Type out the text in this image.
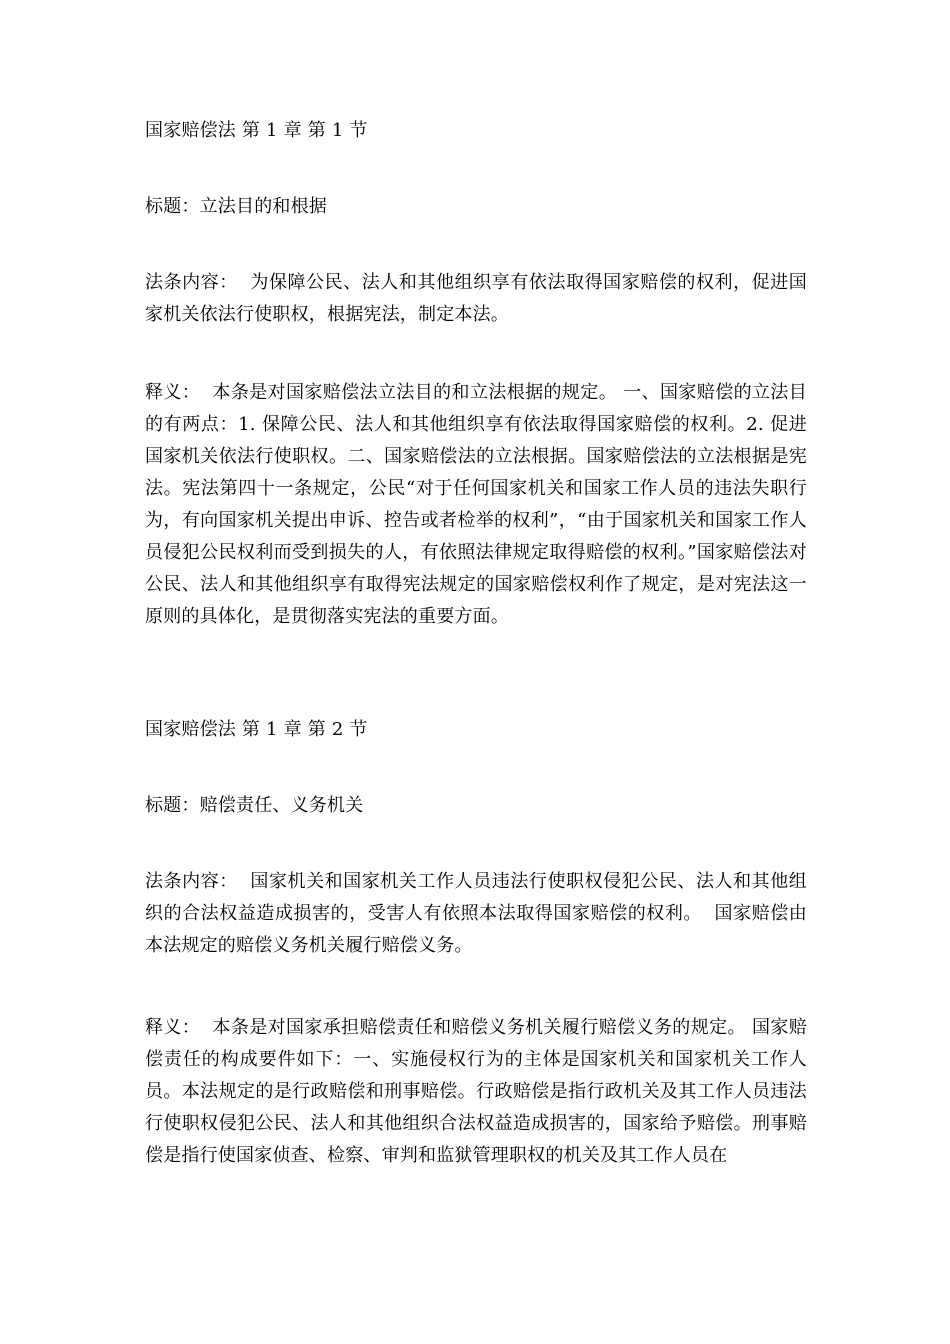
国家赔偿法 第 1 章 第 1 节

标题：立法目的和根据

法条内容：  为保障公民、法人和其他组织享有依法取得国家赔偿的权利，促进国家机关依法行使职权，根据宪法，制定本法。

释义：  本条是对国家赔偿法立法目的和立法根据的规定。 一、国家赔偿的立法目的有两点：1. 保障公民、法人和其他组织享有依法取得国家赔偿的权利。2. 促进国家机关依法行使职权。二、国家赔偿法的立法根据。国家赔偿法的立法根据是宪法。宪法第四十一条规定，公民“对于任何国家机关和国家工作人员的违法失职行为，有向国家机关提出申诉、控告或者检举的权利”，“由于国家机关和国家工作人员侵犯公民权利而受到损失的人，有依照法律规定取得赔偿的权利。”国家赔偿法对公民、法人和其他组织享有取得宪法规定的国家赔偿权利作了规定，是对宪法这一原则的具体化，是贯彻落实宪法的重要方面。

国家赔偿法 第 1 章 第 2 节

标题：赔偿责任、义务机关

法条内容：  国家机关和国家机关工作人员违法行使职权侵犯公民、法人和其他组织的合法权益造成损害的，受害人有依照本法取得国家赔偿的权利。  国家赔偿由本法规定的赔偿义务机关履行赔偿义务。

释义：  本条是对国家承担赔偿责任和赔偿义务机关履行赔偿义务的规定。 国家赔偿责任的构成要件如下：一、实施侵权行为的主体是国家机关和国家机关工作人员。本法规定的是行政赔偿和刑事赔偿。行政赔偿是指行政机关及其工作人员违法行使职权侵犯公民、法人和其他组织合法权益造成损害的，国家给予赔偿。刑事赔偿是指行使国家侦查、检察、审判和监狱管理职权的机关及其工作人员在
